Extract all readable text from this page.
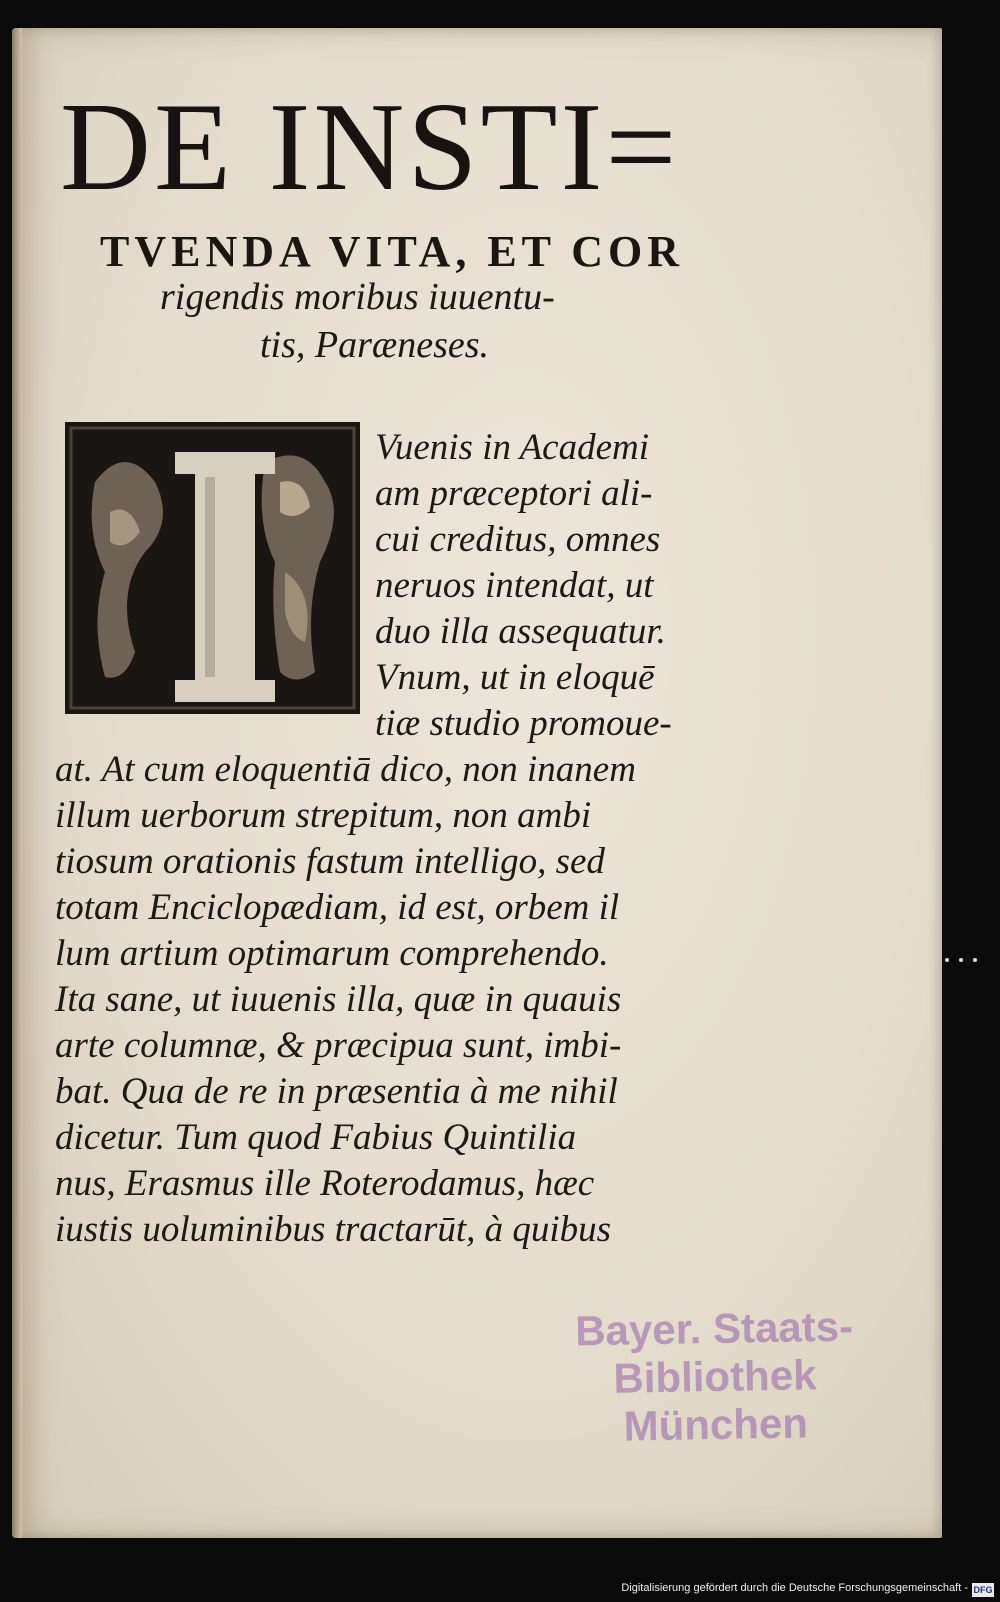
DE INSTI=
TVENDA VITA, ET COR
rigendis moribus iuuentu-
tis, Paræneses.
Vuenis in Academi
am præceptori ali-
cui creditus, omnes
neruos intendat, ut
duo illa assequatur.
Vnum, ut in eloquē
tiæ studio promoue-
at. At cum eloquentiā dico, non inanem
illum uerborum strepitum, non ambi
tiosum orationis fastum intelligo, sed
totam Enciclopædiam, id est, orbem il
lum artium optimarum comprehendo.
Ita sane, ut iuuenis illa, quæ in quauis
arte columnæ, & præcipua sunt, imbi-
bat. Qua de re in præsentia à me nihil
dicetur. Tum quod Fabius Quintilia
nus, Erasmus ille Roterodamus, hæc
iustis uoluminibus tractarūt, à quibus
Bayer. Staats-
Bibliothek
München
Digitalisierung gefördert durch die Deutsche Forschungsgemeinschaft - DFG
